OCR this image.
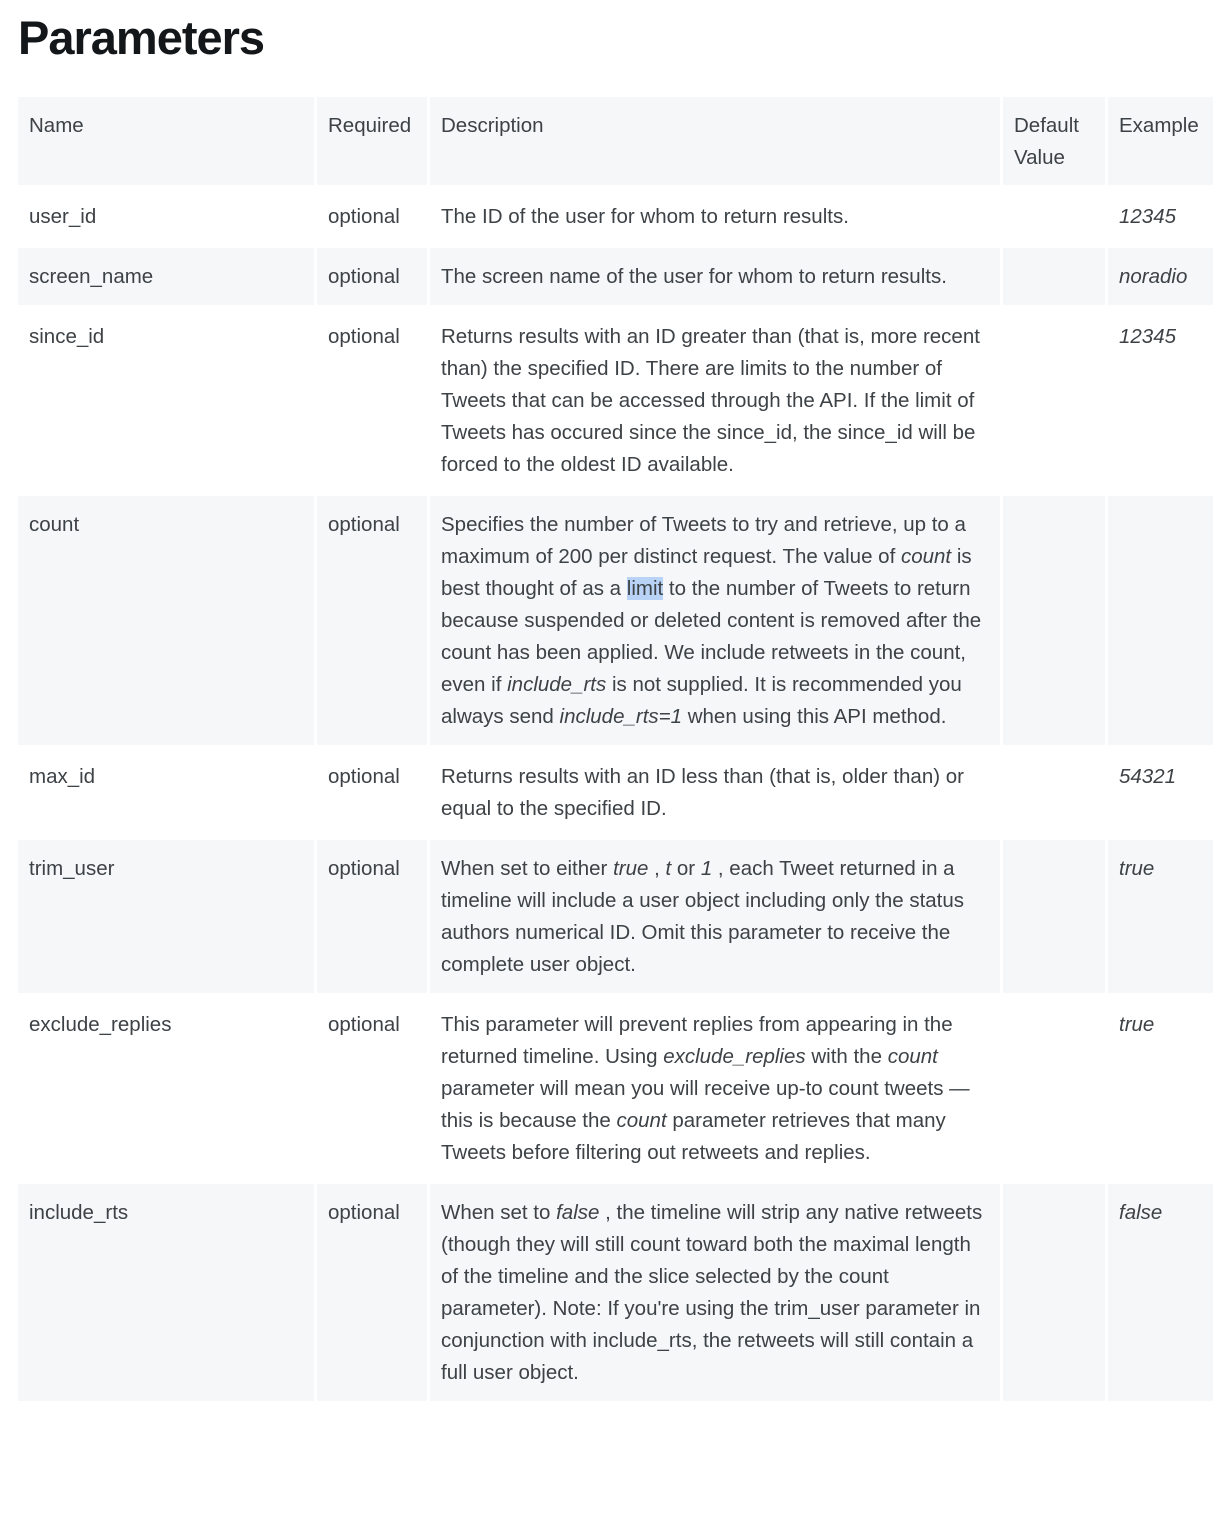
Parameters
Name	Required	Description	Default Value	Example
user_id	optional	The ID of the user for whom to return results.		12345
screen_name	optional	The screen name of the user for whom to return results.		noradio
since_id	optional	Returns results with an ID greater than (that is, more recent than) the specified ID. There are limits to the number of Tweets that can be accessed through the API. If the limit of Tweets has occured since the since_id, the since_id will be forced to the oldest ID available.		12345
count	optional	Specifies the number of Tweets to try and retrieve, up to a maximum of 200 per distinct request. The value of count is best thought of as a limit to the number of Tweets to return because suspended or deleted content is removed after the count has been applied. We include retweets in the count, even if include_rts is not supplied. It is recommended you always send include_rts=1 when using this API method.		
max_id	optional	Returns results with an ID less than (that is, older than) or equal to the specified ID.		54321
trim_user	optional	When set to either true , t or 1 , each Tweet returned in a timeline will include a user object including only the status authors numerical ID. Omit this parameter to receive the complete user object.		true
exclude_replies	optional	This parameter will prevent replies from appearing in the returned timeline. Using exclude_replies with the count parameter will mean you will receive up-to count tweets — this is because the count parameter retrieves that many Tweets before filtering out retweets and replies.		true
include_rts	optional	When set to false , the timeline will strip any native retweets (though they will still count toward both the maximal length of the timeline and the slice selected by the count parameter). Note: If you're using the trim_user parameter in conjunction with include_rts, the retweets will still contain a full user object.		false
